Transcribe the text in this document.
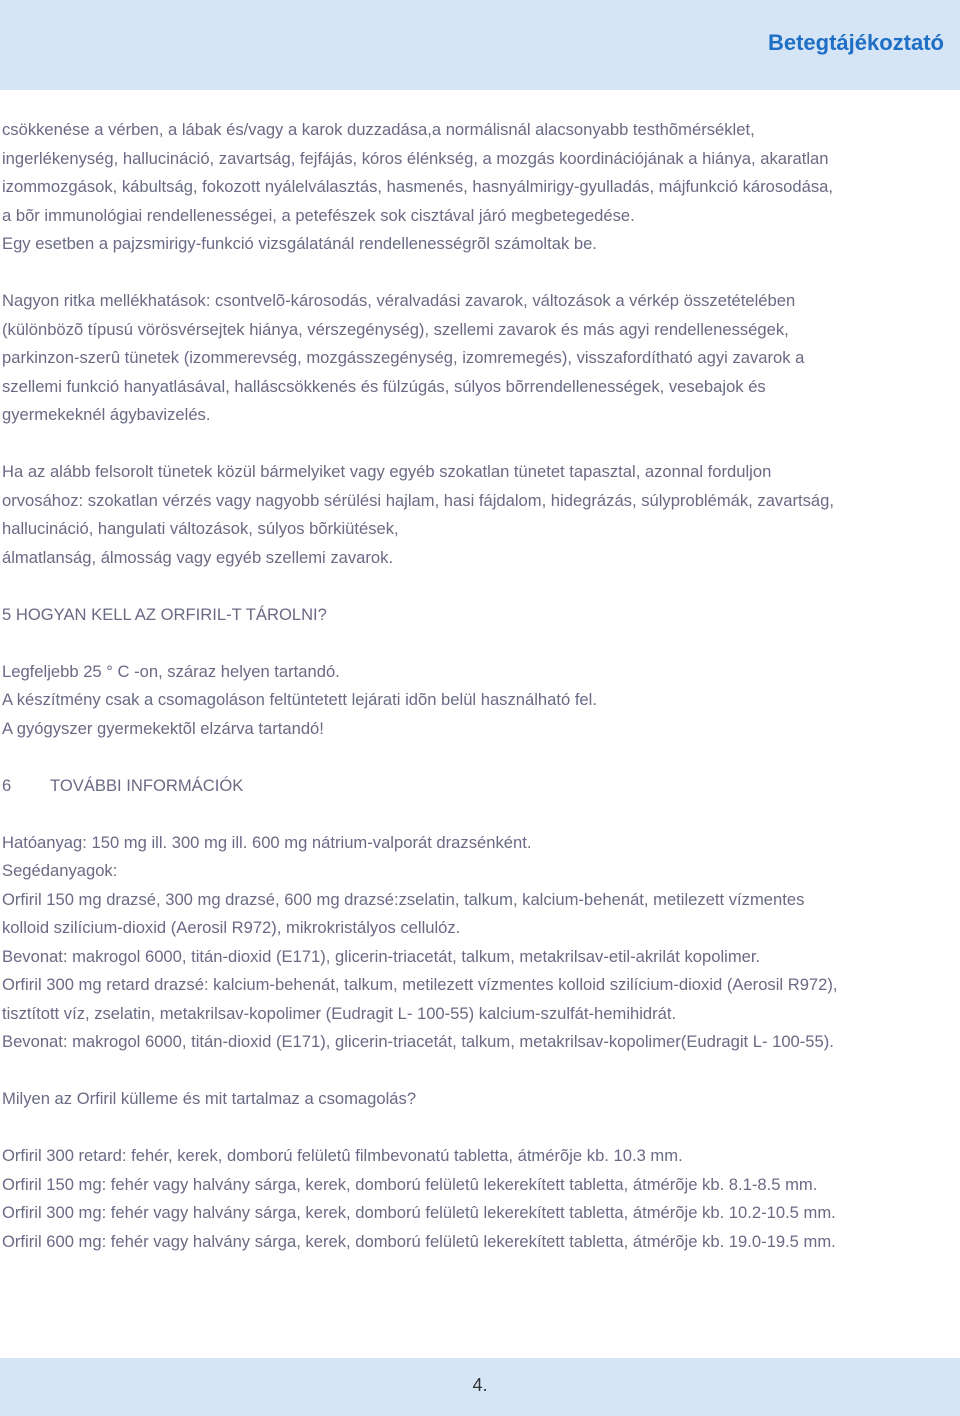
Betegtájékoztató
csökkenése a vérben, a lábak és/vagy a karok duzzadása,a normálisnál alacsonyabb testhõmérséklet,
ingerlékenység, hallucináció, zavartság, fejfájás, kóros élénkség, a mozgás koordinációjának a hiánya, akaratlan
izommozgások, kábultság, fokozott nyálelválasztás, hasmenés, hasnyálmirigy-gyulladás, májfunkció károsodása,
a bõr immunológiai rendellenességei, a petefészek sok cisztával járó megbetegedése.
Egy esetben a pajzsmirigy-funkció vizsgálatánál rendellenességrõl számoltak be.
Nagyon ritka mellékhatások: csontvelõ-károsodás, véralvadási zavarok, változások a vérkép összetételében
(különbözõ típusú vörösvérsejtek hiánya, vérszegénység), szellemi zavarok és más agyi rendellenességek,
parkinzon-szerû tünetek (izommerevség, mozgásszegénység, izomremegés), visszafordítható agyi zavarok a
szellemi funkció hanyatlásával, halláscsökkenés és fülzúgás, súlyos bõrrendellenességek, vesebajok és
gyermekeknél ágybavizelés.
Ha az alább felsorolt tünetek közül bármelyiket vagy egyéb szokatlan tünetet tapasztal, azonnal forduljon
orvosához: szokatlan vérzés vagy nagyobb sérülési hajlam, hasi fájdalom, hidegrázás, súlyproblémák, zavartság,
hallucináció, hangulati változások, súlyos bõrkiütések,
álmatlanság, álmosság vagy egyéb szellemi zavarok.
5 HOGYAN KELL AZ ORFIRIL-T TÁROLNI?
Legfeljebb 25 ° C -on, száraz helyen tartandó.
A készítmény csak a csomagoláson feltüntetett lejárati idõn belül használható fel.
A gyógyszer gyermekektõl elzárva tartandó!
6 TOVÁBBI INFORMÁCIÓK
Hatóanyag: 150 mg ill. 300 mg ill. 600 mg nátrium-valporát drazsénként.
Segédanyagok:
Orfiril 150 mg drazsé, 300 mg drazsé, 600 mg drazsé:zselatin, talkum, kalcium-behenát, metilezett vízmentes
kolloid szilícium-dioxid (Aerosil R972), mikrokristályos cellulóz.
Bevonat: makrogol 6000, titán-dioxid (E171), glicerin-triacetát, talkum, metakrilsav-etil-akrilát kopolimer.
Orfiril 300 mg retard drazsé: kalcium-behenát, talkum, metilezett vízmentes kolloid szilícium-dioxid (Aerosil R972),
tisztított víz, zselatin, metakrilsav-kopolimer (Eudragit L- 100-55) kalcium-szulfát-hemihidrát.
Bevonat: makrogol 6000, titán-dioxid (E171), glicerin-triacetát, talkum, metakrilsav-kopolimer(Eudragit L- 100-55).
Milyen az Orfiril külleme és mit tartalmaz a csomagolás?
Orfiril 300 retard: fehér, kerek, domború felületû filmbevonatú tabletta, átmérõje kb. 10.3 mm.
Orfiril 150 mg: fehér vagy halvány sárga, kerek, domború felületû lekerekített tabletta, átmérõje kb. 8.1-8.5 mm.
Orfiril 300 mg: fehér vagy halvány sárga, kerek, domború felületû lekerekített tabletta, átmérõje kb. 10.2-10.5 mm.
Orfiril 600 mg: fehér vagy halvány sárga, kerek, domború felületû lekerekített tabletta, átmérõje kb. 19.0-19.5 mm.
4.
